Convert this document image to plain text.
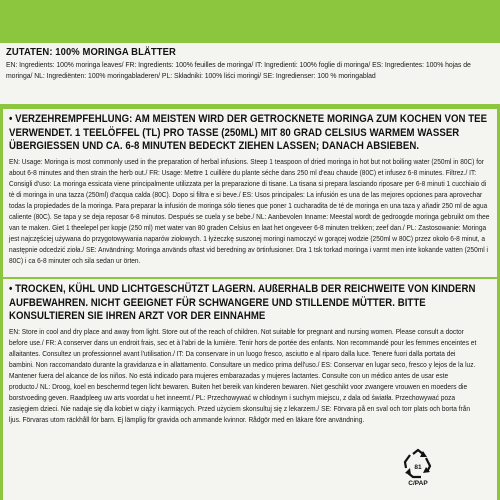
ZUTATEN: 100% MORINGA BLÄTTER
EN: Ingredients: 100% moringa leaves/ FR: Ingredients: 100% feuilles de moringa/ IT: Ingredienti: 100% foglie di moringa/ ES: Ingredientes: 100% hojas de moringa/ NL: Ingrediënten: 100% moringabladeren/ PL: Składniki: 100% liści moringi/ SE: Ingredienser: 100 % moringablad
• VERZEHREMPFEHLUNG: AM MEISTEN WIRD DER GETROCKNETE MORINGA ZUM KOCHEN VON TEE VERWENDET. 1 TEELÖFFEL (TL) PRO TASSE (250ML) MIT 80 GRAD CELSIUS WARMEM WASSER ÜBERGIESSEN UND CA. 6-8 MINUTEN BEDECKT ZIEHEN LASSEN; DANACH ABSIEBEN.
EN: Usage: Moringa is most commonly used in the preparation of herbal infusions. Steep 1 teaspoon of dried moringa in hot but not boiling water (250ml in 80C) for about 6-8 minutes and then strain the herb out./ FR: Usage: Mettre 1 cuillère du plante séche dans 250 ml d'eau chaude (80C) et infusez 6-8 minutes. Filtrez./ IT: Consigli d'uso: La moringa essicata viene principalmente utilizzata per la preparazione di tisane. La tisana si prepara lasciando riposare per 6-8 minuti 1 cucchiaio di tè di moringa in una tazza (250ml) d'acqua calda (80C). Dopo si filtra e si beve./ ES: Usos principales: La infusión es una de las mejores opciones para aprovechar todas la propiedades de la moringa. Para preparar la infusión de moringa sólo tienes que poner 1 cucharadita de té de moringa en una taza y añadir 250 ml de agua caliente (80C). Se tapa y se deja reposar 6-8 minutos. Después se cuela y se bebe./ NL: Aanbevolen Inname: Meestal wordt de gedroogde moringa gebruikt om thee van te maken. Giet 1 theelepel per kopje (250 ml) met water van 80 graden Celsius en laat het ongeveer 6-8 minuten trekken; zeef dan./ PL: Zastosowanie: Moringa jest najczęściej używana do przygotowywania naparów ziołowych. 1 łyżeczkę suszonej moringi namoczyć w gorącej wodzie (250ml w 80C) przez około 6-8 minut, a następnie odcedzić zioła./ SE: Användning: Moringa används oftast vid beredning av örtinfusioner. Dra 1 tsk torkad moringa i varmt men inte kokande vatten (250ml i 80C) i ca 6-8 minuter och sila sedan ur örten.
• TROCKEN, KÜHL UND LICHTGESCHÜTZT LAGERN. AUßERHALB DER REICHWEITE VON KINDERN AUFBEWAHREN. NICHT GEEIGNET FÜR SCHWANGERE UND STILLENDE MÜTTER. BITTE KONSULTIEREN SIE IHREN ARZT VOR DER EINNAHME
EN: Store in cool and dry place and away from light. Store out of the reach of children. Not suitable for pregnant and nursing women. Please consult a doctor before use./ FR: A conserver dans un endroit frais, sec et à l'abri de la lumière. Tenir hors de portée des enfants. Non recommandé pour les femmes enceintes et allaitantes. Consultez un professionnel avant l'utilisation./ IT: Da conservare in un luogo fresco, asciutto e al riparo dalla luce. Tenere fuori dalla portata dei bambini. Non raccomandato durante la gravidanza e in allattamento. Consultare un medico prima dell'uso./ ES: Conservar en lugar seco, fresco y lejos de la luz. Mantener fuera del alcance de los niños. No está indicado para mujeres embarazadas y mujeres lactantes. Consulte con un médico antes de usar este producto./ NL: Droog, koel en beschermd tegen licht bewaren. Buiten het bereik van kinderen bewaren. Niet geschikt voor zwangere vrouwen en moeders die borstvoeding geven. Raadpleeg uw arts voordat u het inneemt./ PL: Przechowywać w chłodnym i suchym miejscu, z dala od światła. Przechowywać poza zasięgiem dzieci. Nie nadaje się dla kobiet w ciąży i karmiących. Przed użyciem skonsultuj się z lekarzem./ SE: Förvara på en sval och torr plats och borta från ljus. Förvaras utom räckhåll för barn. Ej lämplig för gravida och ammande kvinnor. Rådgör med en läkare före användning.
81
C/PAP
